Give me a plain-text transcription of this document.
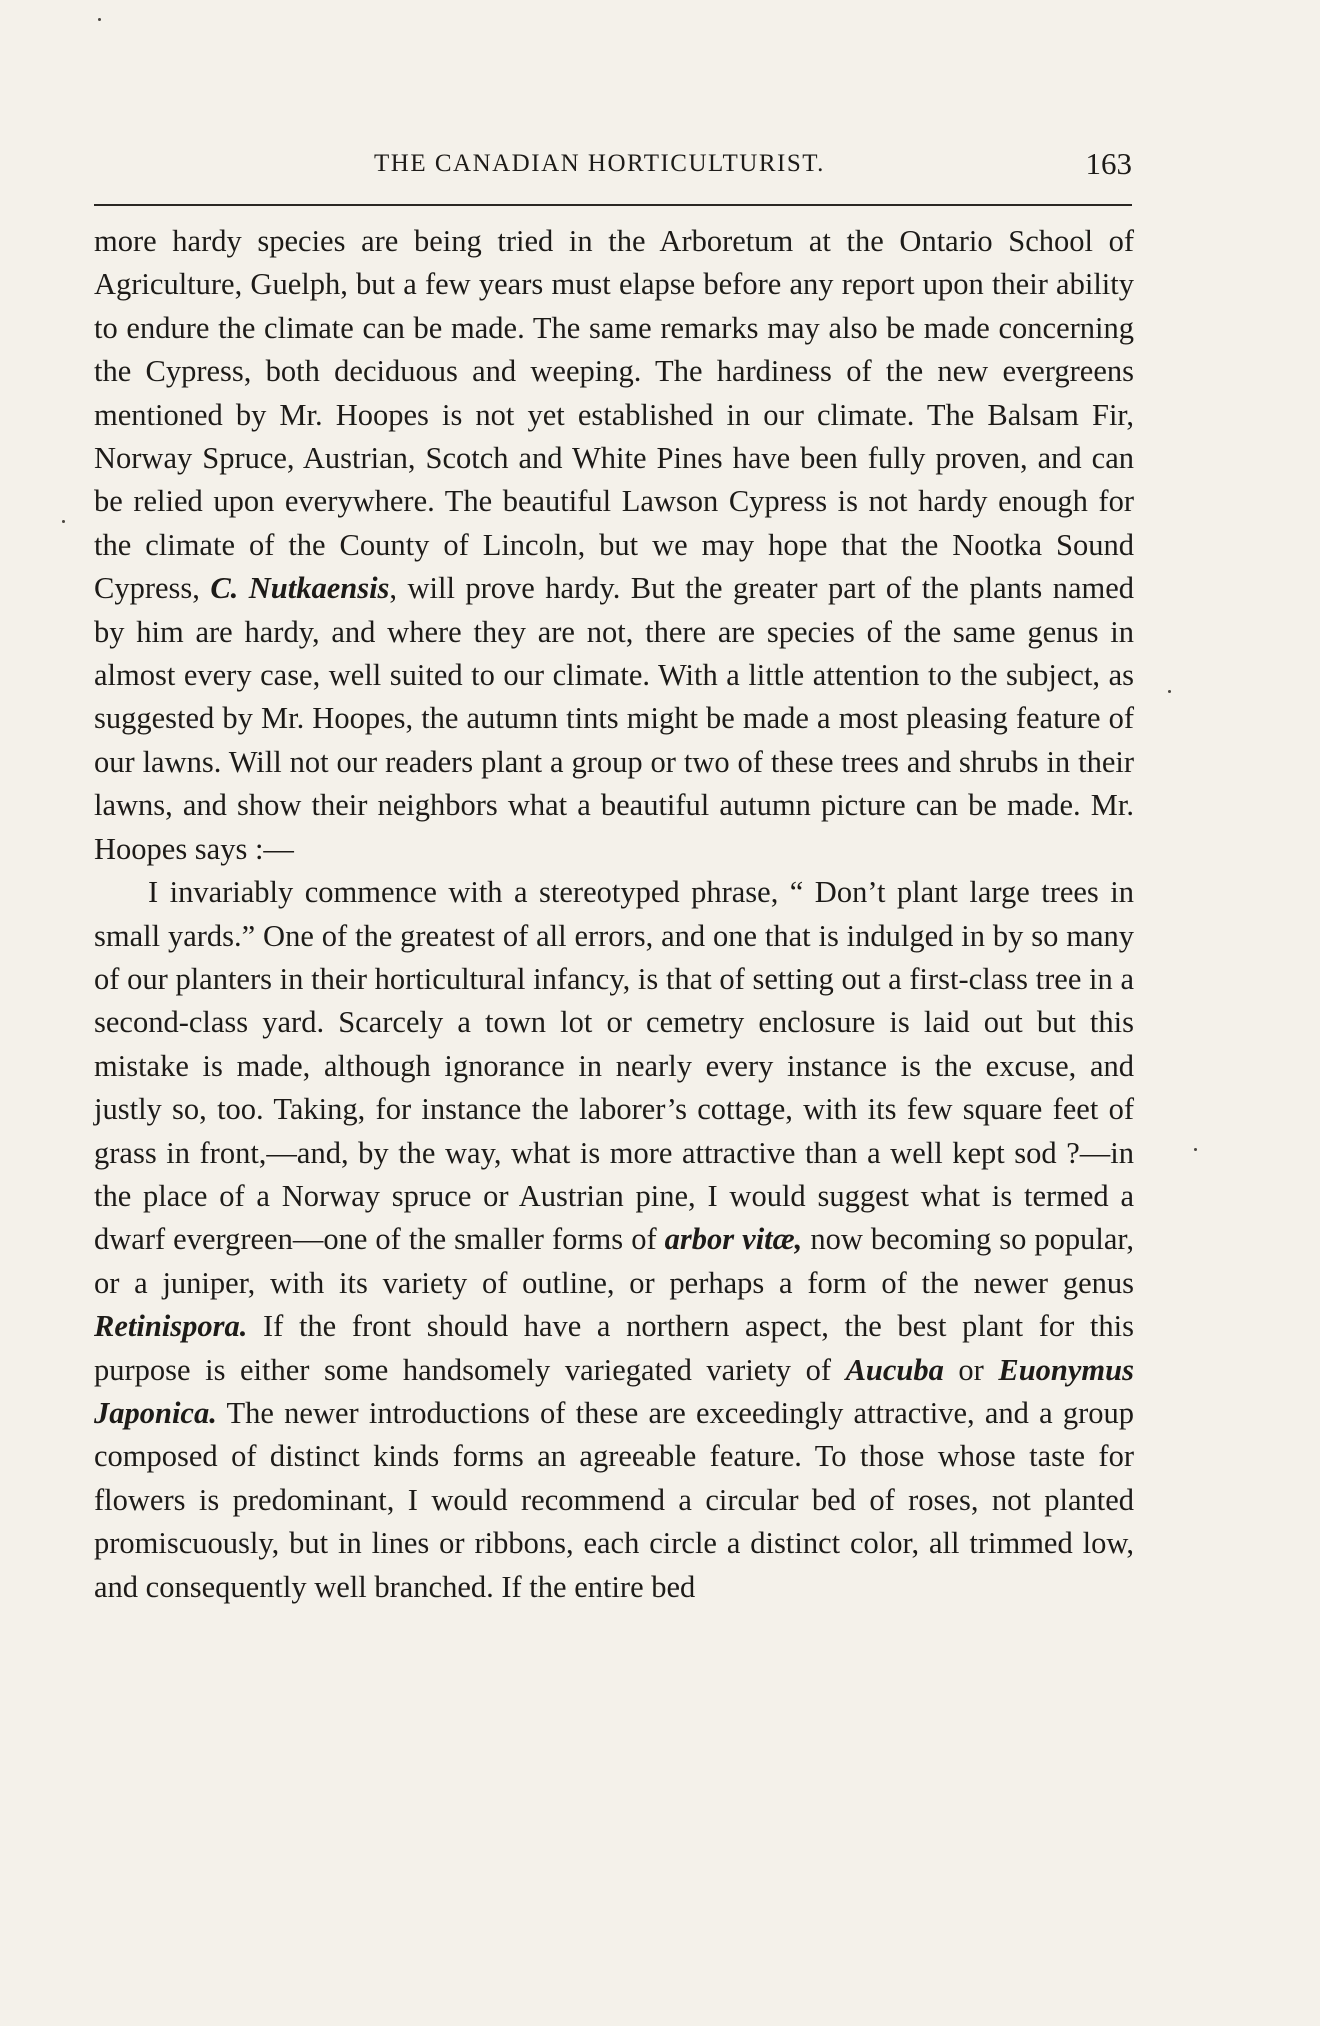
THE CANADIAN HORTICULTURIST.	163

more hardy species are being tried in the Arboretum at the Ontario School of Agriculture, Guelph, but a few years must elapse before any report upon their ability to endure the climate can be made. The same remarks may also be made concerning the Cypress, both deciduous and weeping. The hardiness of the new evergreens mentioned by Mr. Hoopes is not yet established in our climate. The Balsam Fir, Norway Spruce, Austrian, Scotch and White Pines have been fully proven, and can be relied upon everywhere. The beautiful Lawson Cypress is not hardy enough for the climate of the County of Lincoln, but we may hope that the Nootka Sound Cypress, C. Nutkaensis, will prove hardy. But the greater part of the plants named by him are hardy, and where they are not, there are species of the same genus in almost every case, well suited to our climate. With a little attention to the subject, as suggested by Mr. Hoopes, the autumn tints might be made a most pleasing feature of our lawns. Will not our readers plant a group or two of these trees and shrubs in their lawns, and show their neighbors what a beautiful autumn picture can be made. Mr. Hoopes says :—

I invariably commence with a stereotyped phrase, “ Don’t plant large trees in small yards.” One of the greatest of all errors, and one that is indulged in by so many of our planters in their horticultural infancy, is that of setting out a first-class tree in a second-class yard. Scarcely a town lot or cemetry enclosure is laid out but this mistake is made, although ignorance in nearly every instance is the excuse, and justly so, too. Taking, for instance the laborer’s cottage, with its few square feet of grass in front,—and, by the way, what is more attractive than a well kept sod ?—in the place of a Norway spruce or Austrian pine, I would suggest what is termed a dwarf evergreen—one of the smaller forms of arbor vitæ, now becoming so popular, or a juniper, with its variety of outline, or perhaps a form of the newer genus Retinispora. If the front should have a northern aspect, the best plant for this purpose is either some handsomely variegated variety of Aucuba or Euonymus Japonica. The newer introductions of these are exceedingly attractive, and a group composed of distinct kinds forms an agreeable feature. To those whose taste for flowers is predominant, I would recommend a circular bed of roses, not planted promiscuously, but in lines or ribbons, each circle a distinct color, all trimmed low, and consequently well branched. If the entire bed
